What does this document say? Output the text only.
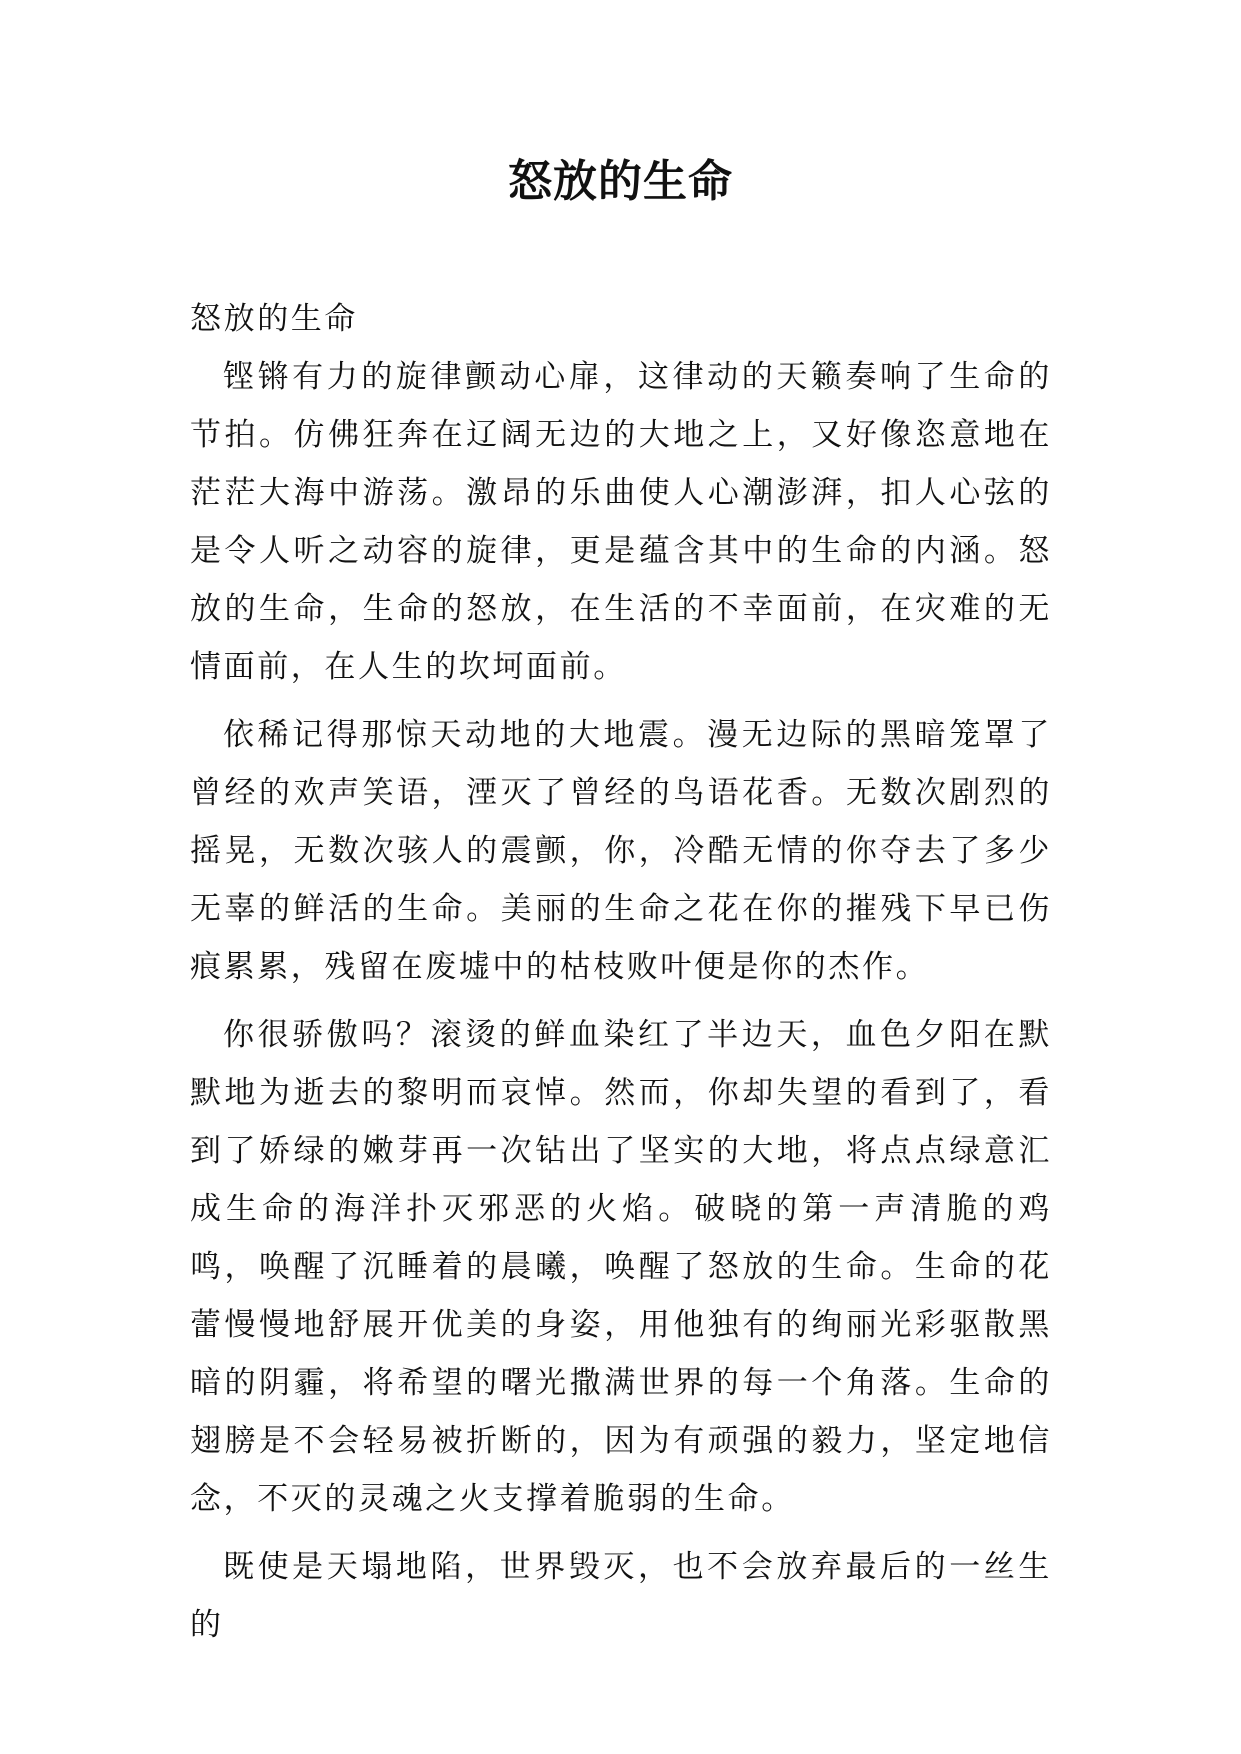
怒放的生命

怒放的生命

铿锵有力的旋律颤动心扉，这律动的天籁奏响了生命的节拍。仿佛狂奔在辽阔无边的大地之上，又好像恣意地在茫茫大海中游荡。激昂的乐曲使人心潮澎湃，扣人心弦的是令人听之动容的旋律，更是蕴含其中的生命的内涵。怒放的生命，生命的怒放，在生活的不幸面前，在灾难的无情面前，在人生的坎坷面前。

依稀记得那惊天动地的大地震。漫无边际的黑暗笼罩了曾经的欢声笑语，湮灭了曾经的鸟语花香。无数次剧烈的摇晃，无数次骇人的震颤，你，冷酷无情的你夺去了多少无辜的鲜活的生命。美丽的生命之花在你的摧残下早已伤痕累累，残留在废墟中的枯枝败叶便是你的杰作。

你很骄傲吗？滚烫的鲜血染红了半边天，血色夕阳在默默地为逝去的黎明而哀悼。然而，你却失望的看到了，看到了娇绿的嫩芽再一次钻出了坚实的大地，将点点绿意汇成生命的海洋扑灭邪恶的火焰。破晓的第一声清脆的鸡鸣，唤醒了沉睡着的晨曦，唤醒了怒放的生命。生命的花蕾慢慢地舒展开优美的身姿，用他独有的绚丽光彩驱散黑暗的阴霾，将希望的曙光撒满世界的每一个角落。生命的翅膀是不会轻易被折断的，因为有顽强的毅力，坚定地信念，不灭的灵魂之火支撑着脆弱的生命。

既使是天塌地陷，世界毁灭，也不会放弃最后的一丝生的
